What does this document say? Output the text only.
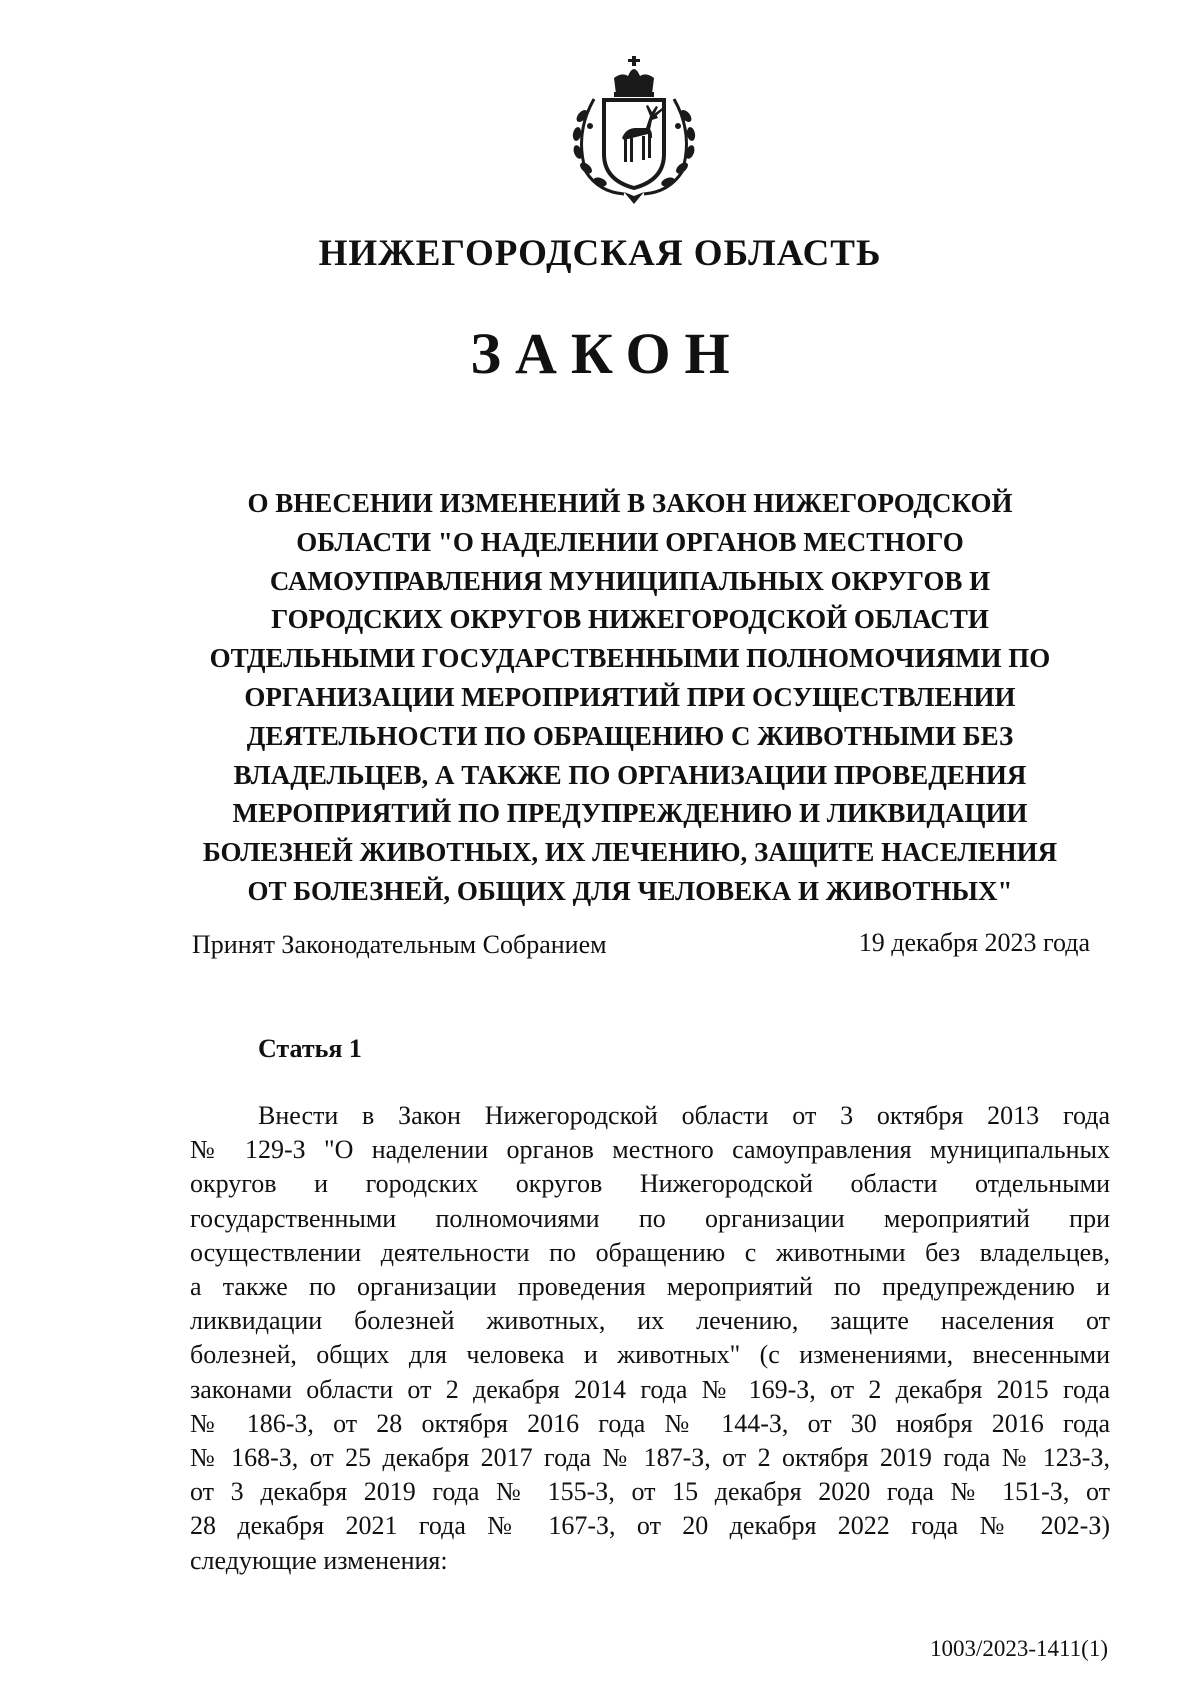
НИЖЕГОРОДСКАЯ ОБЛАСТЬ
ЗАКОН
О ВНЕСЕНИИ ИЗМЕНЕНИЙ В ЗАКОН НИЖЕГОРОДСКОЙ
ОБЛАСТИ "О НАДЕЛЕНИИ ОРГАНОВ МЕСТНОГО
САМОУПРАВЛЕНИЯ МУНИЦИПАЛЬНЫХ ОКРУГОВ И
ГОРОДСКИХ ОКРУГОВ НИЖЕГОРОДСКОЙ ОБЛАСТИ
ОТДЕЛЬНЫМИ ГОСУДАРСТВЕННЫМИ ПОЛНОМОЧИЯМИ ПО
ОРГАНИЗАЦИИ МЕРОПРИЯТИЙ ПРИ ОСУЩЕСТВЛЕНИИ
ДЕЯТЕЛЬНОСТИ ПО ОБРАЩЕНИЮ С ЖИВОТНЫМИ БЕЗ
ВЛАДЕЛЬЦЕВ, А ТАКЖЕ ПО ОРГАНИЗАЦИИ ПРОВЕДЕНИЯ
МЕРОПРИЯТИЙ ПО ПРЕДУПРЕЖДЕНИЮ И ЛИКВИДАЦИИ
БОЛЕЗНЕЙ ЖИВОТНЫХ, ИХ ЛЕЧЕНИЮ, ЗАЩИТЕ НАСЕЛЕНИЯ
ОТ БОЛЕЗНЕЙ, ОБЩИХ ДЛЯ ЧЕЛОВЕКА И ЖИВОТНЫХ"
Принят Законодательным Собранием	19 декабря 2023 года
Статья 1
Внести в Закон Нижегородской области от 3 октября 2013 года
№ 129-З "О наделении органов местного самоуправления муниципальных
округов и городских округов Нижегородской области отдельными
государственными полномочиями по организации мероприятий при
осуществлении деятельности по обращению с животными без владельцев,
а также по организации проведения мероприятий по предупреждению и
ликвидации болезней животных, их лечению, защите населения от
болезней, общих для человека и животных" (с изменениями, внесенными
законами области от 2 декабря 2014 года № 169-З, от 2 декабря 2015 года
№ 186-З, от 28 октября 2016 года № 144-З, от 30 ноября 2016 года
№ 168-З, от 25 декабря 2017 года № 187-З, от 2 октября 2019 года № 123-З,
от 3 декабря 2019 года № 155-З, от 15 декабря 2020 года № 151-З, от
28 декабря 2021 года № 167-З, от 20 декабря 2022 года № 202-З)
следующие изменения:
1003/2023-1411(1)
